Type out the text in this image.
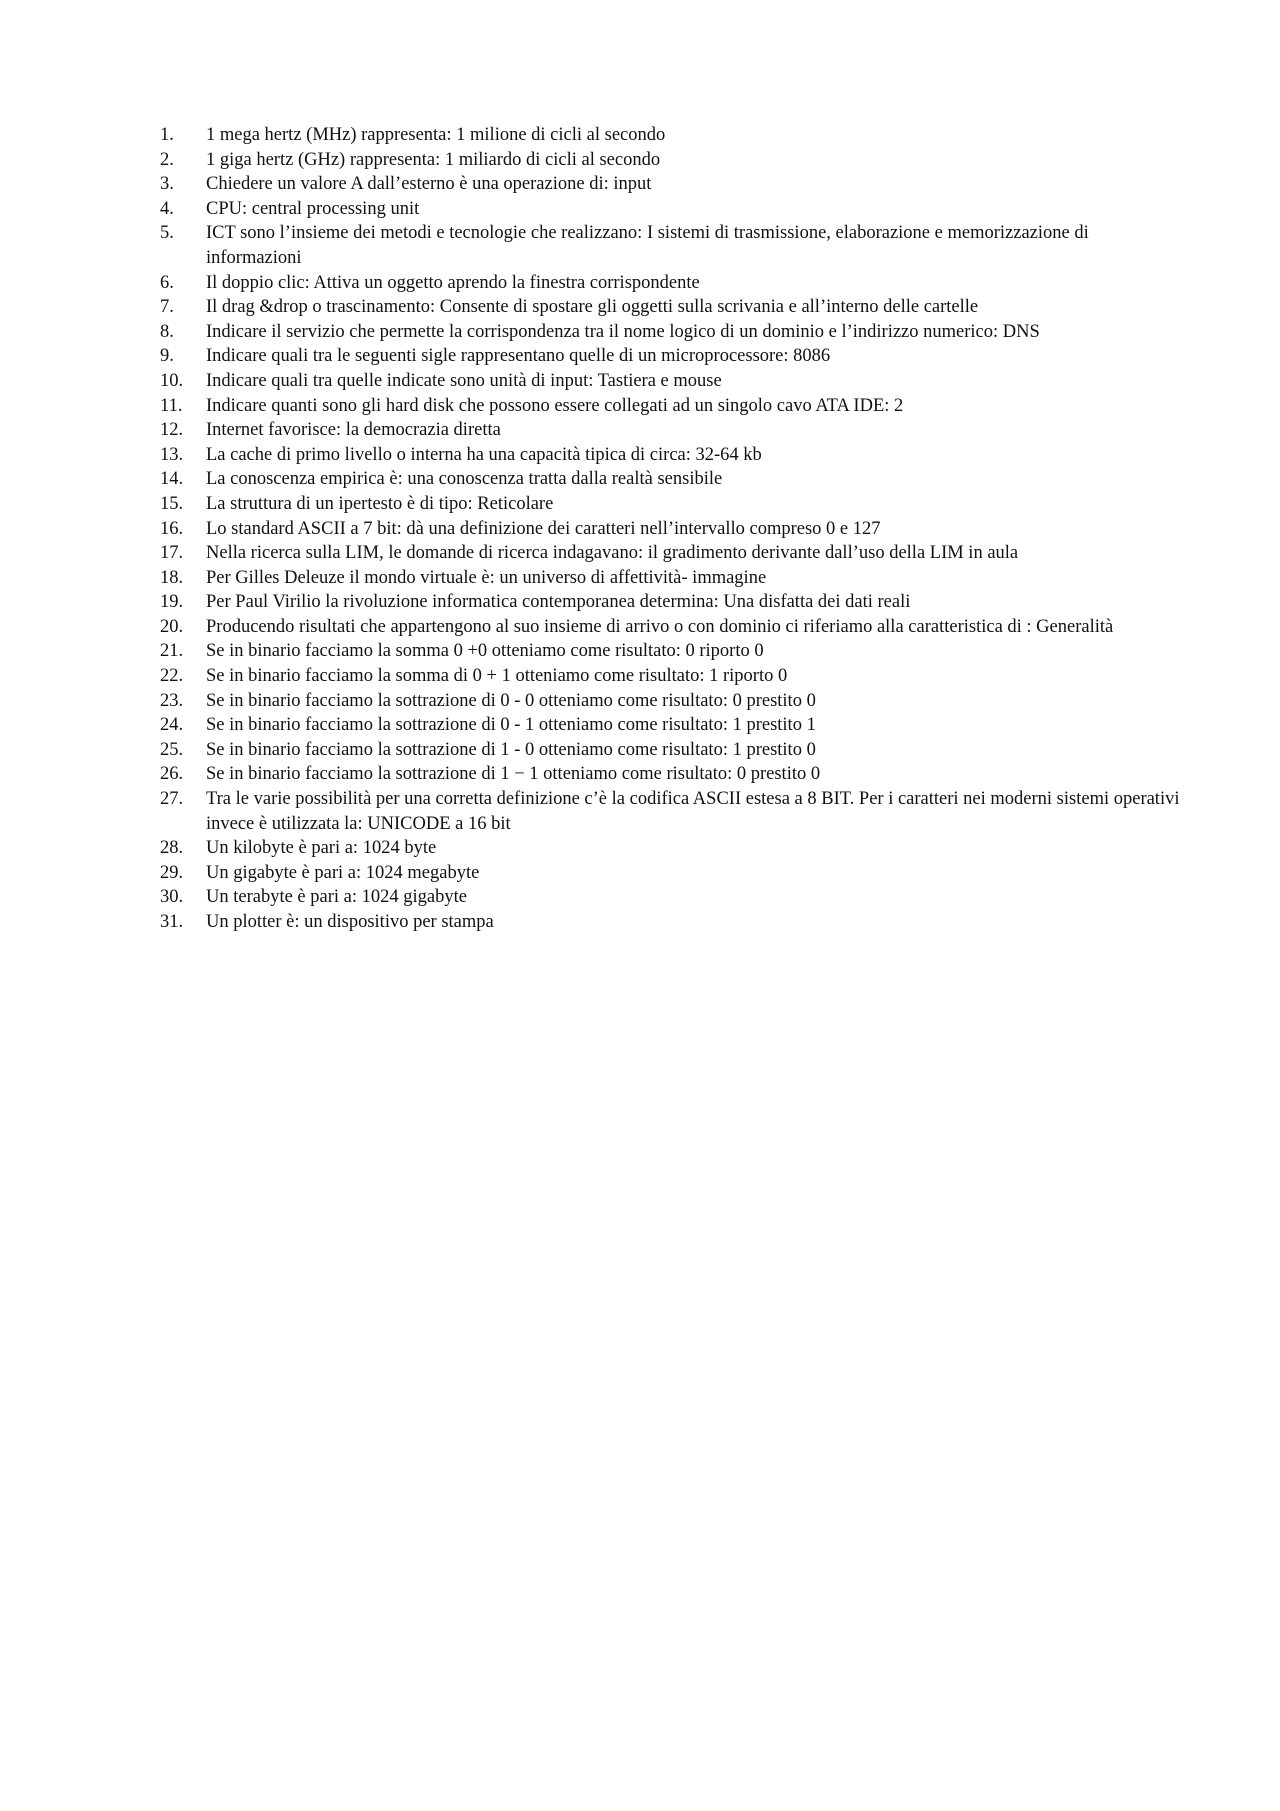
1.	1 mega hertz (MHz) rappresenta: 1 milione di cicli al secondo
2.	1 giga hertz (GHz) rappresenta: 1 miliardo di cicli al secondo
3.	Chiedere un valore A dall’esterno è una operazione di: input
4.	CPU: central processing unit
5.	ICT sono l’insieme dei metodi e tecnologie che realizzano: I sistemi di trasmissione, elaborazione e memorizzazione di informazioni
6.	Il doppio clic: Attiva un oggetto aprendo la finestra corrispondente
7.	Il drag &drop o trascinamento: Consente di spostare gli oggetti sulla scrivania e all’interno delle cartelle
8.	Indicare il servizio che permette la corrispondenza tra il nome logico di un dominio e l’indirizzo numerico: DNS
9.	Indicare quali tra le seguenti sigle rappresentano quelle di un microprocessore: 8086
10.	Indicare quali tra quelle indicate sono unità di input: Tastiera e mouse
11.	Indicare quanti sono gli hard disk che possono essere collegati ad un singolo cavo ATA IDE: 2
12.	Internet favorisce: la democrazia diretta
13.	La cache di primo livello o interna ha una capacità tipica di circa: 32-64 kb
14.	La conoscenza empirica è: una conoscenza tratta dalla realtà sensibile
15.	La struttura di un ipertesto è di tipo: Reticolare
16.	Lo standard ASCII a 7 bit: dà una definizione dei caratteri nell’intervallo compreso 0 e 127
17.	Nella ricerca sulla LIM, le domande di ricerca indagavano: il gradimento derivante dall’uso della LIM in aula
18.	Per Gilles Deleuze il mondo virtuale è: un universo di affettività- immagine
19.	Per Paul Virilio la rivoluzione informatica contemporanea determina: Una disfatta dei dati reali
20.	Producendo risultati che appartengono al suo insieme di arrivo o con dominio ci riferiamo alla caratteristica di : Generalità
21.	Se in binario facciamo la somma 0 +0 otteniamo come risultato: 0 riporto 0
22.	Se in binario facciamo la somma di 0 + 1 otteniamo come risultato: 1 riporto 0
23.	Se in binario facciamo la sottrazione di 0 - 0 otteniamo come risultato: 0 prestito 0
24.	Se in binario facciamo la sottrazione di 0 - 1 otteniamo come risultato: 1 prestito 1
25.	Se in binario facciamo la sottrazione di 1 - 0 otteniamo come risultato: 1 prestito 0
26.	Se in binario facciamo la sottrazione di 1 − 1 otteniamo come risultato: 0 prestito 0
27.	Tra le varie possibilità per una corretta definizione c’è la codifica ASCII estesa a 8 BIT. Per i caratteri nei moderni sistemi operativi invece è utilizzata la: UNICODE a 16 bit
28.	Un kilobyte è pari a: 1024 byte
29.	Un gigabyte è pari a: 1024 megabyte
30.	Un terabyte è pari a: 1024 gigabyte
31.	Un plotter è: un dispositivo per stampa
